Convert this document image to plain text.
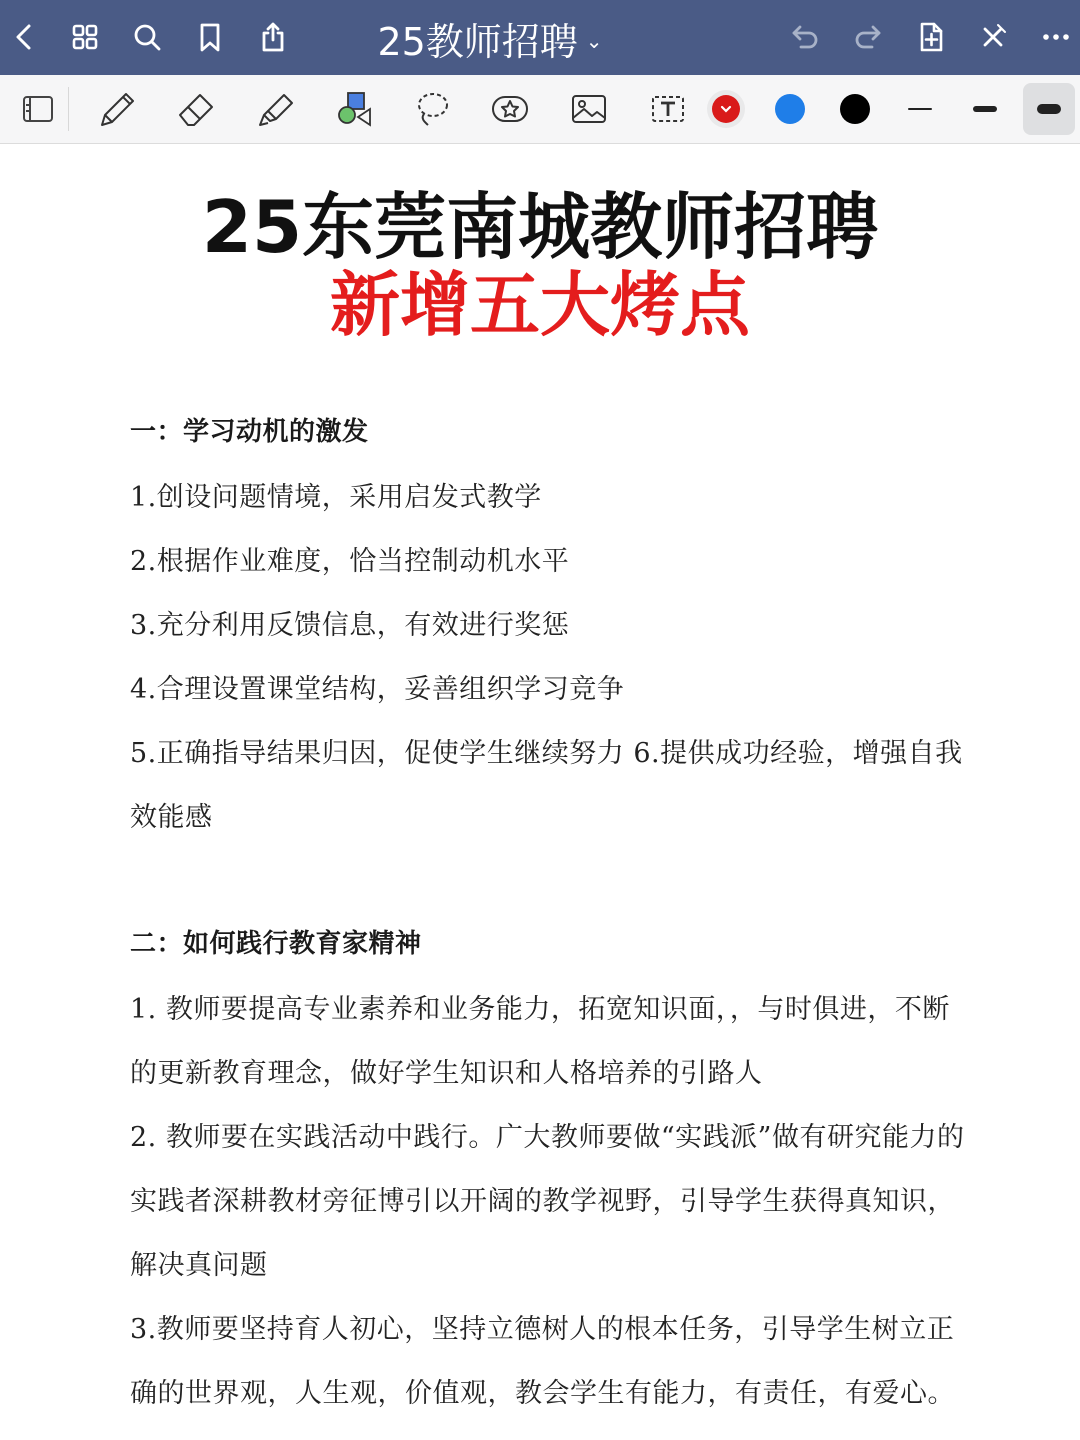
25教师招聘 ⌄
25东莞南城教师招聘
新增五大烤点
一：学习动机的激发
1.创设问题情境，采用启发式教学
2.根据作业难度，恰当控制动机水平
3.充分利用反馈信息，有效进行奖惩
4.合理设置课堂结构，妥善组织学习竞争
5.正确指导结果归因，促使学生继续努力 6.提供成功经验，增强自我
效能感
二：如何践行教育家精神
1. 教师要提高专业素养和业务能力，拓宽知识面，，与时俱进，不断
的更新教育理念，做好学生知识和人格培养的引路人
2. 教师要在实践活动中践行。广大教师要做“实践派”做有研究能力的
实践者深耕教材旁征博引以开阔的教学视野，引导学生获得真知识，
解决真问题
3.教师要坚持育人初心，坚持立德树人的根本任务，引导学生树立正
确的世界观，人生观，价值观，教会学生有能力，有责任，有爱心。
